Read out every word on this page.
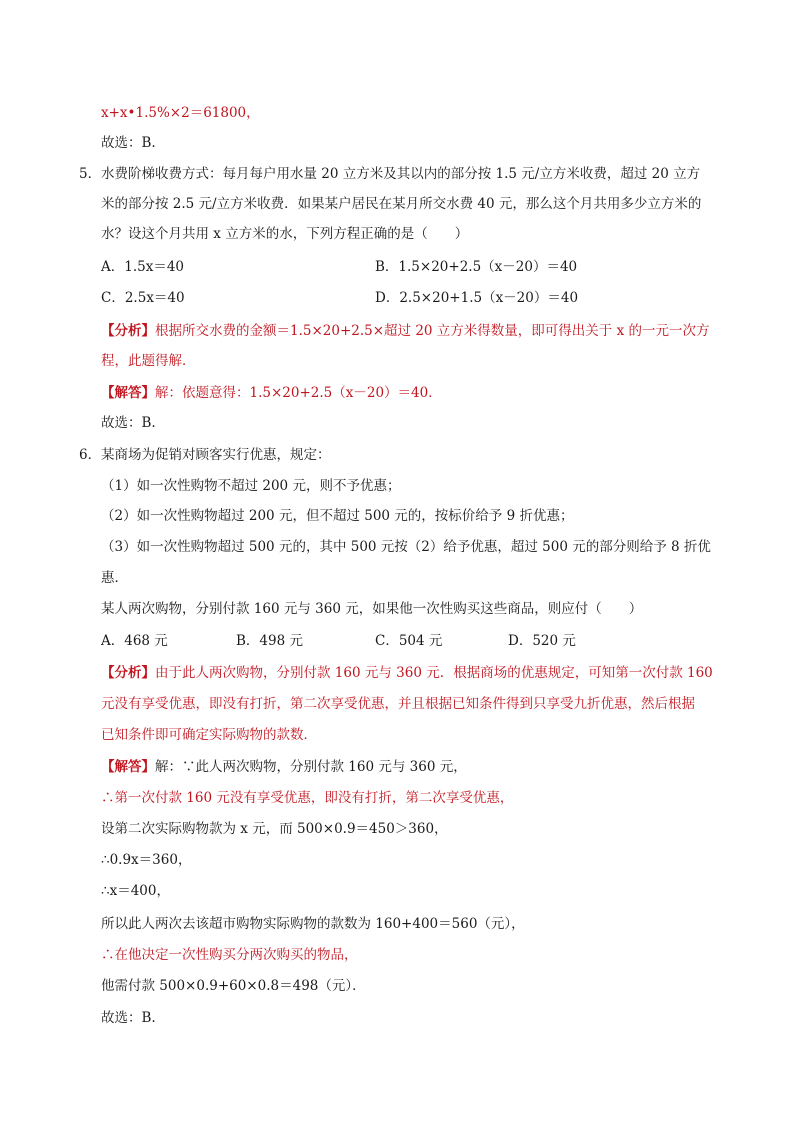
x+x•1.5%×2＝61800，
故选：B.
5． 水费阶梯收费方式：每月每户用水量 20 立方米及其以内的部分按 1.5 元/立方米收费，超过 20 立方
米的部分按 2.5 元/立方米收费．如果某户居民在某月所交水费 40 元，那么这个月共用多少立方米的
水？设这个月共用 x 立方米的水，下列方程正确的是（　　）
A．1.5x＝40	B．1.5×20+2.5（x－20）＝40
C．2.5x＝40	D．2.5×20+1.5（x－20）＝40
【分析】根据所交水费的金额＝1.5×20+2.5×超过 20 立方米得数量，即可得出关于 x 的一元一次方
程，此题得解．
【解答】解：依题意得：1.5×20+2.5（x－20）＝40．
故选：B.
6． 某商场为促销对顾客实行优惠，规定：
（1）如一次性购物不超过 200 元，则不予优惠；
（2）如一次性购物超过 200 元，但不超过 500 元的，按标价给予 9 折优惠；
（3）如一次性购物超过 500 元的，其中 500 元按（2）给予优惠，超过 500 元的部分则给予 8 折优
惠．
某人两次购物，分别付款 160 元与 360 元，如果他一次性购买这些商品，则应付（　　）
A．468 元	B．498 元	C．504 元	D．520 元
【分析】由于此人两次购物，分别付款 160 元与 360 元．根据商场的优惠规定，可知第一次付款 160
元没有享受优惠，即没有打折，第二次享受优惠，并且根据已知条件得到只享受九折优惠，然后根据
已知条件即可确定实际购物的款数．
【解答】解：∵此人两次购物，分别付款 160 元与 360 元，
∴第一次付款 160 元没有享受优惠，即没有打折，第二次享受优惠，
设第二次实际购物款为 x 元，而 500×0.9＝450＞360，
∴0.9x＝360，
∴x＝400，
所以此人两次去该超市购物实际购物的款数为 160+400＝560（元），
∴在他决定一次性购买分两次购买的物品，
他需付款 500×0.9+60×0.8＝498（元）．
故选：B.
